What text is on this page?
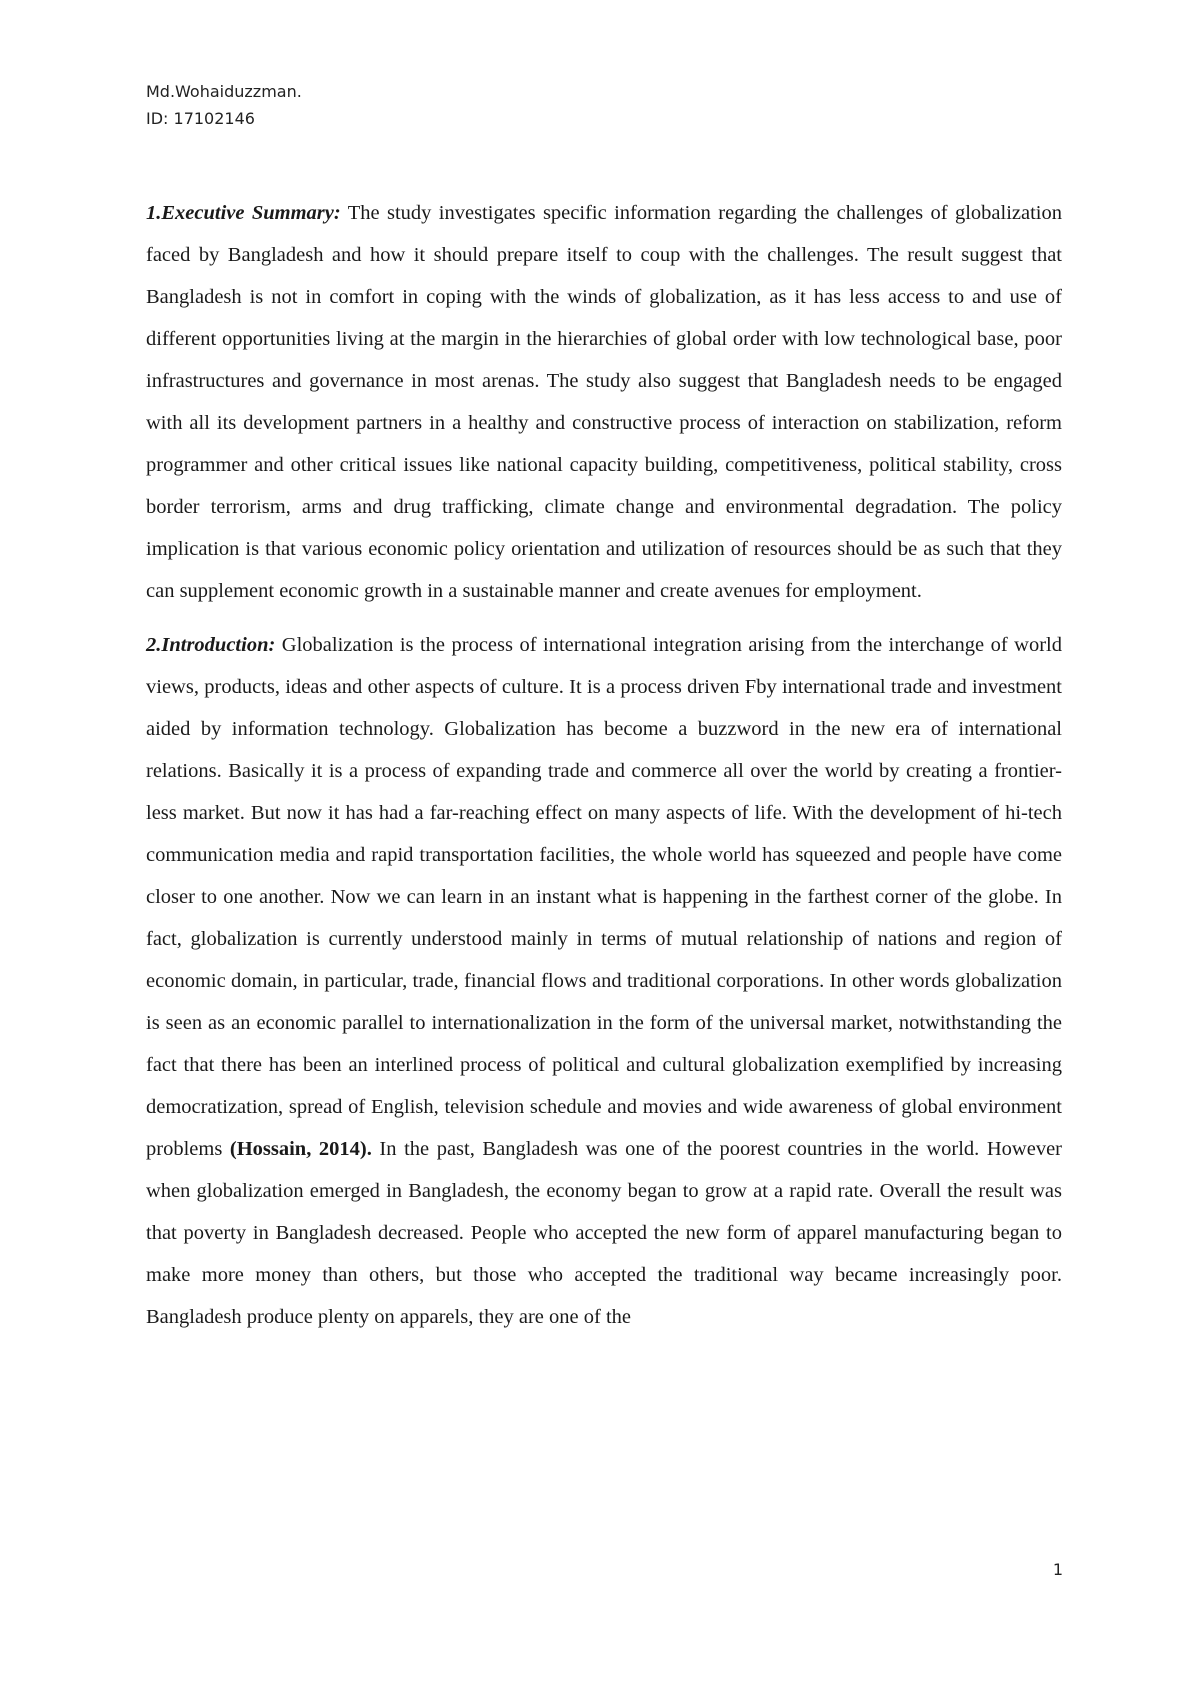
Md.Wohaiduzzman.
ID: 17102146

1.Executive Summary: The study investigates specific information regarding the challenges of globalization faced by Bangladesh and how it should prepare itself to coup with the challenges. The result suggest that Bangladesh is not in comfort in coping with the winds of globalization, as it has less access to and use of different opportunities living at the margin in the hierarchies of global order with low technological base, poor infrastructures and governance in most arenas. The study also suggest that Bangladesh needs to be engaged with all its development partners in a healthy and constructive process of interaction on stabilization, reform programmer and other critical issues like national capacity building, competitiveness, political stability, cross border terrorism, arms and drug trafficking, climate change and environmental degradation. The policy implication is that various economic policy orientation and utilization of resources should be as such that they can supplement economic growth in a sustainable manner and create avenues for employment.

2.Introduction: Globalization is the process of international integration arising from the interchange of world views, products, ideas and other aspects of culture. It is a process driven Fby international trade and investment aided by information technology. Globalization has become a buzzword in the new era of international relations. Basically it is a process of expanding trade and commerce all over the world by creating a frontier-less market. But now it has had a far-reaching effect on many aspects of life. With the development of hi-tech communication media and rapid transportation facilities, the whole world has squeezed and people have come closer to one another. Now we can learn in an instant what is happening in the farthest corner of the globe. In fact, globalization is currently understood mainly in terms of mutual relationship of nations and region of economic domain, in particular, trade, financial flows and traditional corporations. In other words globalization is seen as an economic parallel to internationalization in the form of the universal market, notwithstanding the fact that there has been an interlined process of political and cultural globalization exemplified by increasing democratization, spread of English, television schedule and movies and wide awareness of global environment problems (Hossain, 2014). In the past, Bangladesh was one of the poorest countries in the world. However when globalization emerged in Bangladesh, the economy began to grow at a rapid rate. Overall the result was that poverty in Bangladesh decreased. People who accepted the new form of apparel manufacturing began to make more money than others, but those who accepted the traditional way became increasingly poor. Bangladesh produce plenty on apparels, they are one of the

1
